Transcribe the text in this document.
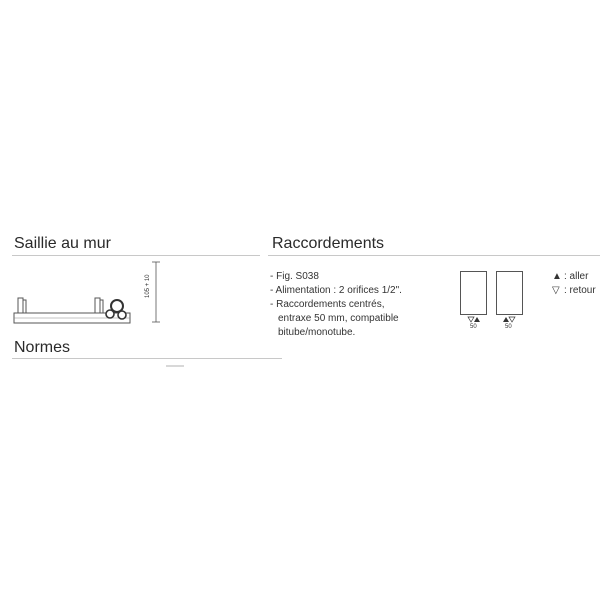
Saillie au mur
105 + 10
Normes
Raccordements
- Fig. S038
- Alimentation : 2 orifices 1/2".
- Raccordements centrés,
entraxe 50 mm, compatible
bitube/monotube.	50	50
▲ : aller
▽ : retour
